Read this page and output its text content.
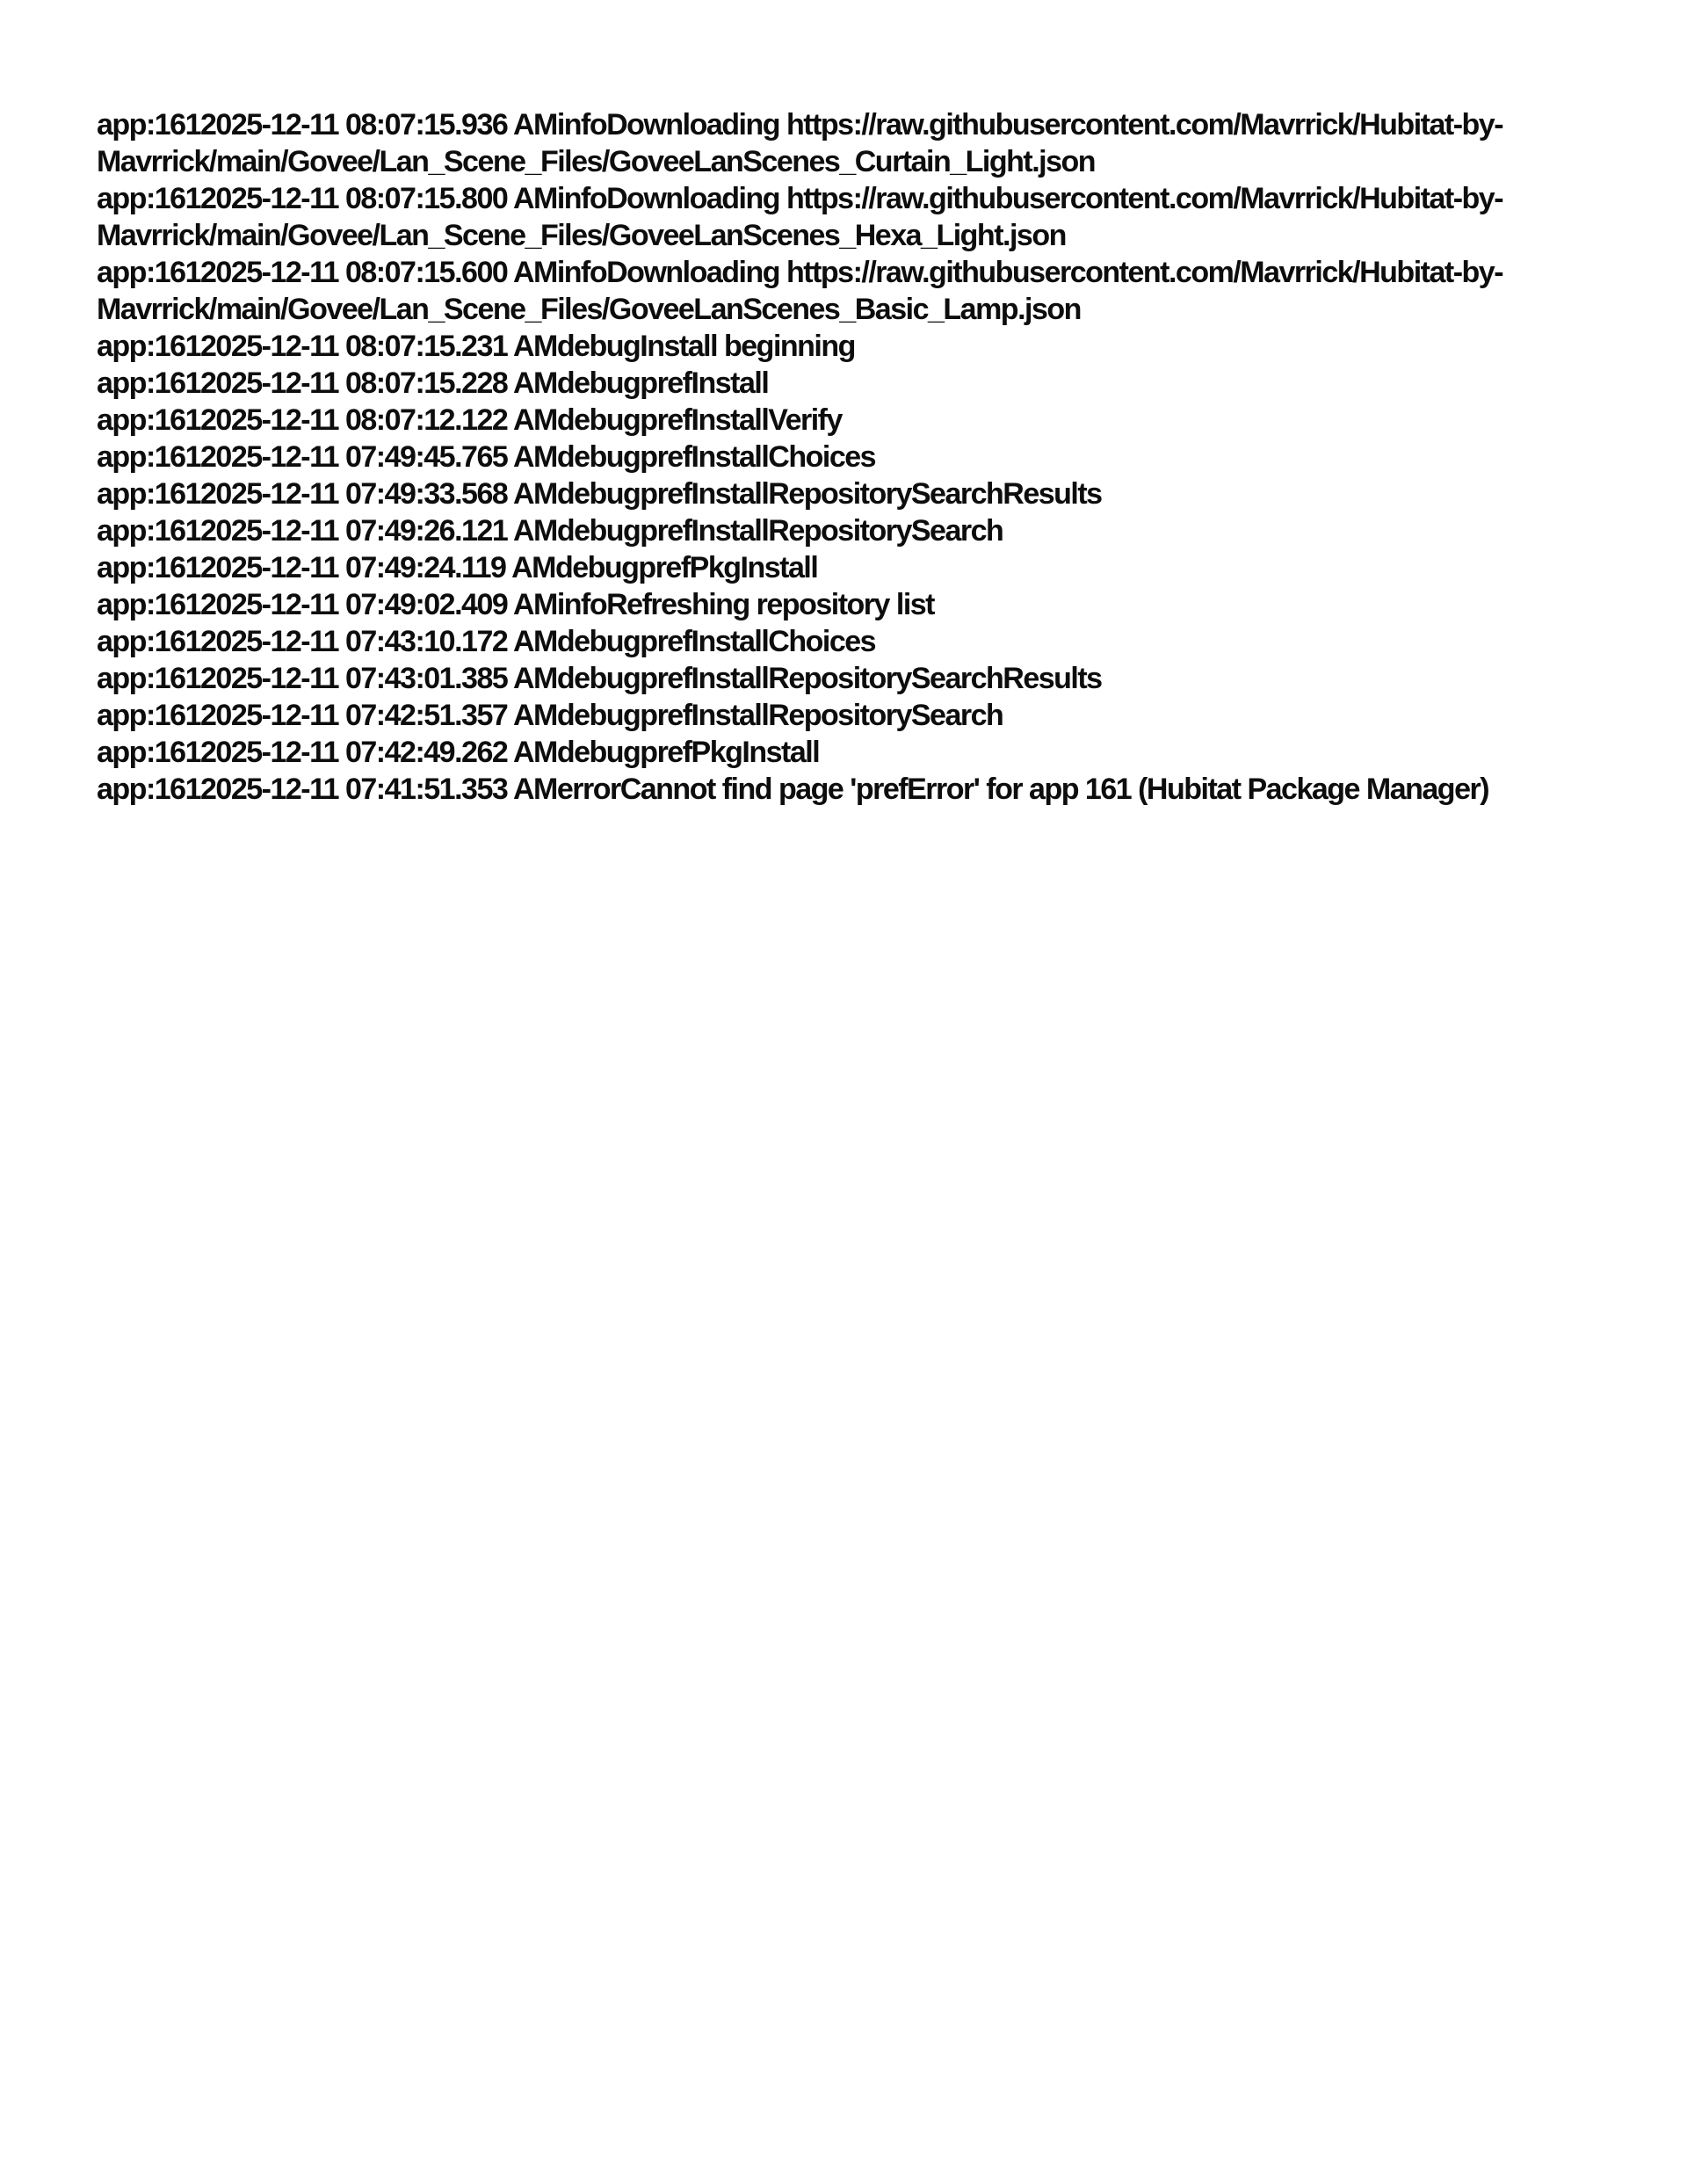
app:1612025-12-11 08:07:15.936 AMinfoDownloading https://raw.githubusercontent.com/Mavrrick/Hubitat-by-
Mavrrick/main/Govee/Lan_Scene_Files/GoveeLanScenes_Curtain_Light.json
app:1612025-12-11 08:07:15.800 AMinfoDownloading https://raw.githubusercontent.com/Mavrrick/Hubitat-by-
Mavrrick/main/Govee/Lan_Scene_Files/GoveeLanScenes_Hexa_Light.json
app:1612025-12-11 08:07:15.600 AMinfoDownloading https://raw.githubusercontent.com/Mavrrick/Hubitat-by-
Mavrrick/main/Govee/Lan_Scene_Files/GoveeLanScenes_Basic_Lamp.json
app:1612025-12-11 08:07:15.231 AMdebugInstall beginning
app:1612025-12-11 08:07:15.228 AMdebugprefInstall
app:1612025-12-11 08:07:12.122 AMdebugprefInstallVerify
app:1612025-12-11 07:49:45.765 AMdebugprefInstallChoices
app:1612025-12-11 07:49:33.568 AMdebugprefInstallRepositorySearchResults
app:1612025-12-11 07:49:26.121 AMdebugprefInstallRepositorySearch
app:1612025-12-11 07:49:24.119 AMdebugprefPkgInstall
app:1612025-12-11 07:49:02.409 AMinfoRefreshing repository list
app:1612025-12-11 07:43:10.172 AMdebugprefInstallChoices
app:1612025-12-11 07:43:01.385 AMdebugprefInstallRepositorySearchResults
app:1612025-12-11 07:42:51.357 AMdebugprefInstallRepositorySearch
app:1612025-12-11 07:42:49.262 AMdebugprefPkgInstall
app:1612025-12-11 07:41:51.353 AMerrorCannot find page 'prefError' for app 161 (Hubitat Package Manager)
